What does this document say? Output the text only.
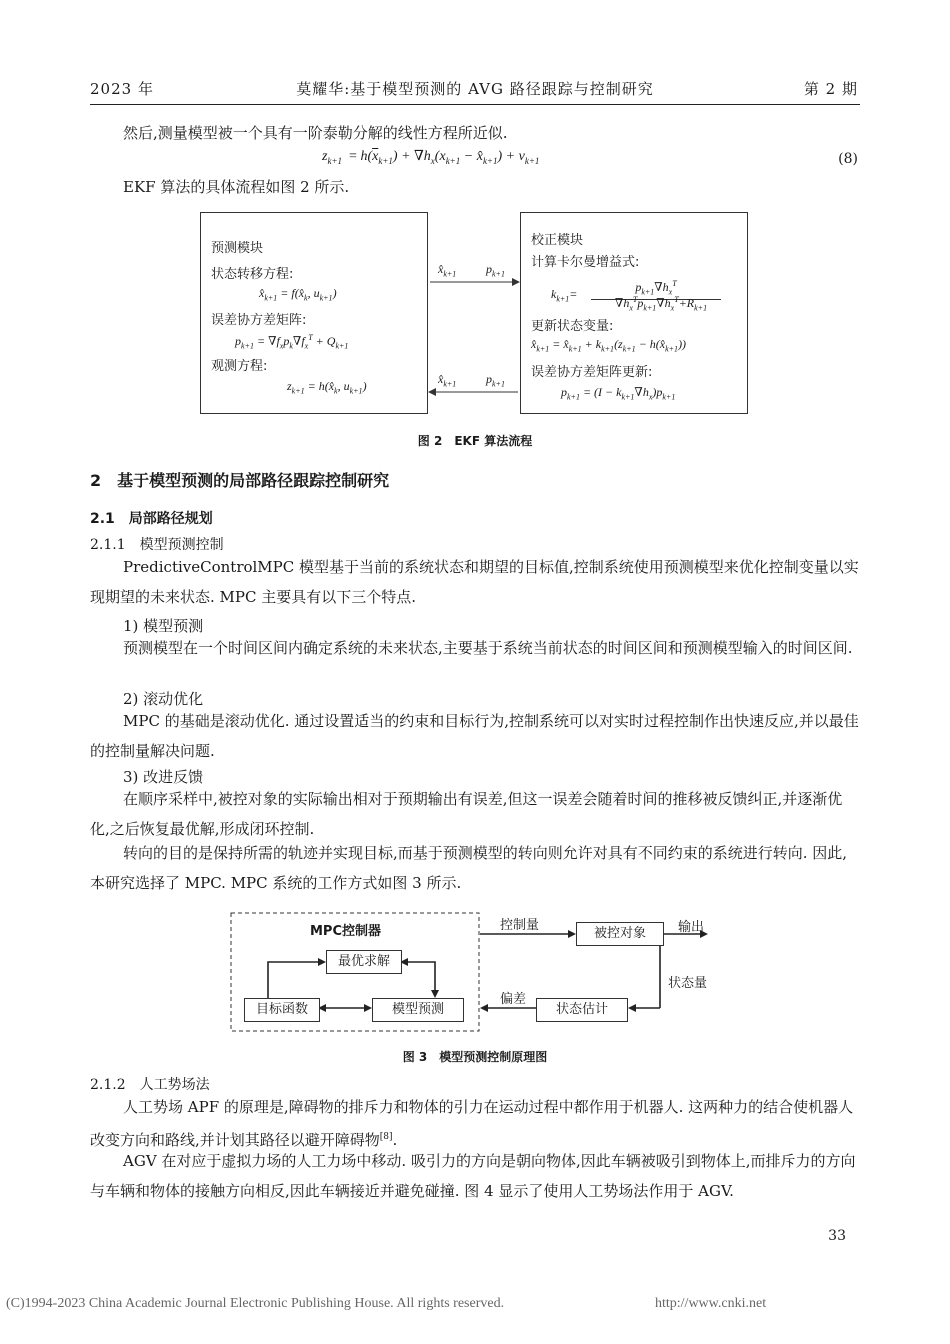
2023 年	莫耀华:基于模型预测的 AVG 路径跟踪与控制研究	第 2 期
然后,测量模型被一个具有一阶泰勒分解的线性方程所近似.
$z_{k+1} = h(\overline{x}_{k+1}) + \nabla h_x(x_{k+1}$ − $x̂_{k+1}) + v_{k+1}$	(8)
EKF 算法的具体流程如图 2 所示.
预测模块
状态转移方程:
$x̂_{k+1}$ = $f(x̂_k$, $u_{k+1}$)
误差协方差矩阵:
$p_{k+1} = \nabla f_xp_k\nabla f_x^T + Q_{k+1}$
观测方程:
$z_{k+1}$ = $h(x̂_k$, $u_{k+1}$)
$x̂_{k+1}$ $p_{k+1}$
$x̂_{k+1}$ $p_{k+1}$
校正模块
计算卡尔曼增益式:
$k_{k+1}=$	$p_{k+1}\nabla h_x^T$
$\nabla h_x^Tp_{k+1}\nabla h_x^T+R_{k+1}$
更新状态变量:
$x̂_{k+1}$ = $x̂_{k+1} + k_{k+1}(z_{k+1}$ − $h(x̂_{k+1})$)
误差协方差矩阵更新:
$p_{k+1} = (I - k_{k+1}\nabla h_x)p_{k+1}$
图 2　EKF 算法流程
2　基于模型预测的局部路径跟踪控制研究
2.1　局部路径规划
2.1.1　模型预测控制
PredictiveControlMPC 模型基于当前的系统状态和期望的目标值,控制系统使用预测模型来优化控制变量以实现期望的未来状态. MPC 主要具有以下三个特点.
1) 模型预测
预测模型在一个时间区间内确定系统的未来状态,主要基于系统当前状态的时间区间和预测模型输入的时间区间.
2) 滚动优化
MPC 的基础是滚动优化. 通过设置适当的约束和目标行为,控制系统可以对实时过程控制作出快速反应,并以最佳的控制量解决问题.
3) 改进反馈
在顺序采样中,被控对象的实际输出相对于预期输出有误差,但这一误差会随着时间的推移被反馈纠正,并逐渐优化,之后恢复最优解,形成闭环控制.
转向的目的是保持所需的轨迹并实现目标,而基于预测模型的转向则允许对具有不同约束的系统进行转向. 因此,本研究选择了 MPC. MPC 系统的工作方式如图 3 所示.
MPC控制器
最优求解
目标函数	模型预测
被控对象
状态估计
控制量	输出
状态量
偏差
图 3　模型预测控制原理图
2.1.2　人工势场法
人工势场 APF 的原理是,障碍物的排斥力和物体的引力在运动过程中都作用于机器人. 这两种力的结合使机器人改变方向和路线,并计划其路径以避开障碍物[8].
AGV 在对应于虚拟力场的人工力场中移动. 吸引力的方向是朝向物体,因此车辆被吸引到物体上,而排斥力的方向与车辆和物体的接触方向相反,因此车辆接近并避免碰撞. 图 4 显示了使用人工势场法作用于 AGV.
33
(C)1994-2023 China Academic Journal Electronic Publishing House. All rights reserved.	http://www.cnki.net
